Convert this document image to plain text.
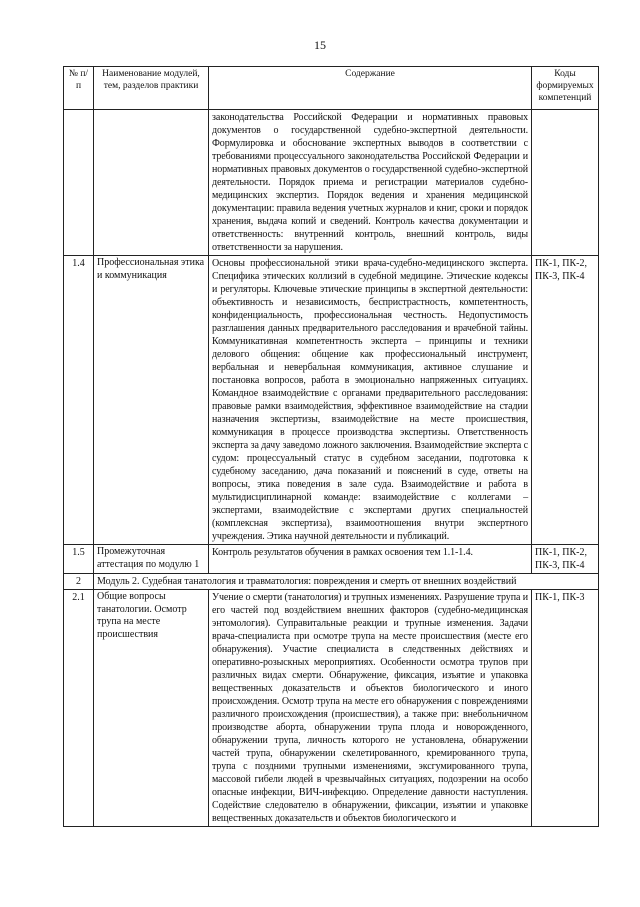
15
№ п/п	Наименование модулей, тем, разделов практики	Содержание	Коды формируемых компетенций
		законодательства Российской Федерации и нормативных правовых документов о государственной судебно-экспертной деятельности. Формулировка и обоснование экспертных выводов в соответствии с требованиями процессуального законодательства Российской Федерации и нормативных правовых документов о государственной судебно-экспертной деятельности. Порядок приема и регистрации материалов судебно-медицинских экспертиз. Порядок ведения и хранения медицинской документации: правила ведения учетных журналов и книг, сроки и порядок хранения, выдача копий и сведений. Контроль качества документации и ответственность: внутренний контроль, внешний контроль, виды ответственности за нарушения.	
1.4	Профессиональная этика и коммуникация	Основы профессиональной этики врача-судебно-медицинского эксперта. Специфика этических коллизий в судебной медицине. Этические кодексы и регуляторы. Ключевые этические принципы в экспертной деятельности: объективность и независимость, беспристрастность, компетентность, конфиденциальность, профессиональная честность. Недопустимость разглашения данных предварительного расследования и врачебной тайны. Коммуникативная компетентность эксперта – принципы и техники делового общения: общение как профессиональный инструмент, вербальная и невербальная коммуникация, активное слушание и постановка вопросов, работа в эмоционально напряженных ситуациях. Командное взаимодействие с органами предварительного расследования: правовые рамки взаимодействия, эффективное взаимодействие на стадии назначения экспертизы, взаимодействие на месте происшествия, коммуникация в процессе производства экспертизы. Ответственность эксперта за дачу заведомо ложного заключения. Взаимодействие эксперта с судом: процессуальный статус в судебном заседании, подготовка к судебному заседанию, дача показаний и пояснений в суде, ответы на вопросы, этика поведения в зале суда. Взаимодействие и работа в мультидисциплинарной команде: взаимодействие с коллегами – экспертами, взаимодействие с экспертами других специальностей (комплексная экспертиза), взаимоотношения внутри экспертного учреждения. Этика научной деятельности и публикаций.	ПК-1, ПК-2, ПК-3, ПК-4
1.5	Промежуточная аттестация по модулю 1	Контроль результатов обучения в рамках освоения тем 1.1-1.4.	ПК-1, ПК-2, ПК-3, ПК-4
2	Модуль 2. Судебная танатология и травматология: повреждения и смерть от внешних воздействий		
2.1	Общие вопросы танатологии. Осмотр трупа на месте происшествия	Учение о смерти (танатология) и трупных изменениях. Разрушение трупа и его частей под воздействием внешних факторов (судебно-медицинская энтомология). Суправитальные реакции и трупные изменения. Задачи врача-специалиста при осмотре трупа на месте происшествия (месте его обнаружения). Участие специалиста в следственных действиях и оперативно-розыскных мероприятиях. Особенности осмотра трупов при различных видах смерти. Обнаружение, фиксация, изъятие и упаковка вещественных доказательств и объектов биологического и иного происхождения. Осмотр трупа на месте его обнаружения с повреждениями различного происхождения (происшествия), а также при: внебольничном производстве аборта, обнаружении трупа плода и новорожденного, обнаружении трупа, личность которого не установлена, обнаружении частей трупа, обнаружении скелетированного, кремированного трупа, трупа с поздними трупными изменениями, эксгумированного трупа, массовой гибели людей в чрезвычайных ситуациях, подозрении на особо опасные инфекции, ВИЧ-инфекцию. Определение давности наступления. Содействие следователю в обнаружении, фиксации, изъятии и упаковке вещественных доказательств и объектов биологического и	ПК-1, ПК-3
